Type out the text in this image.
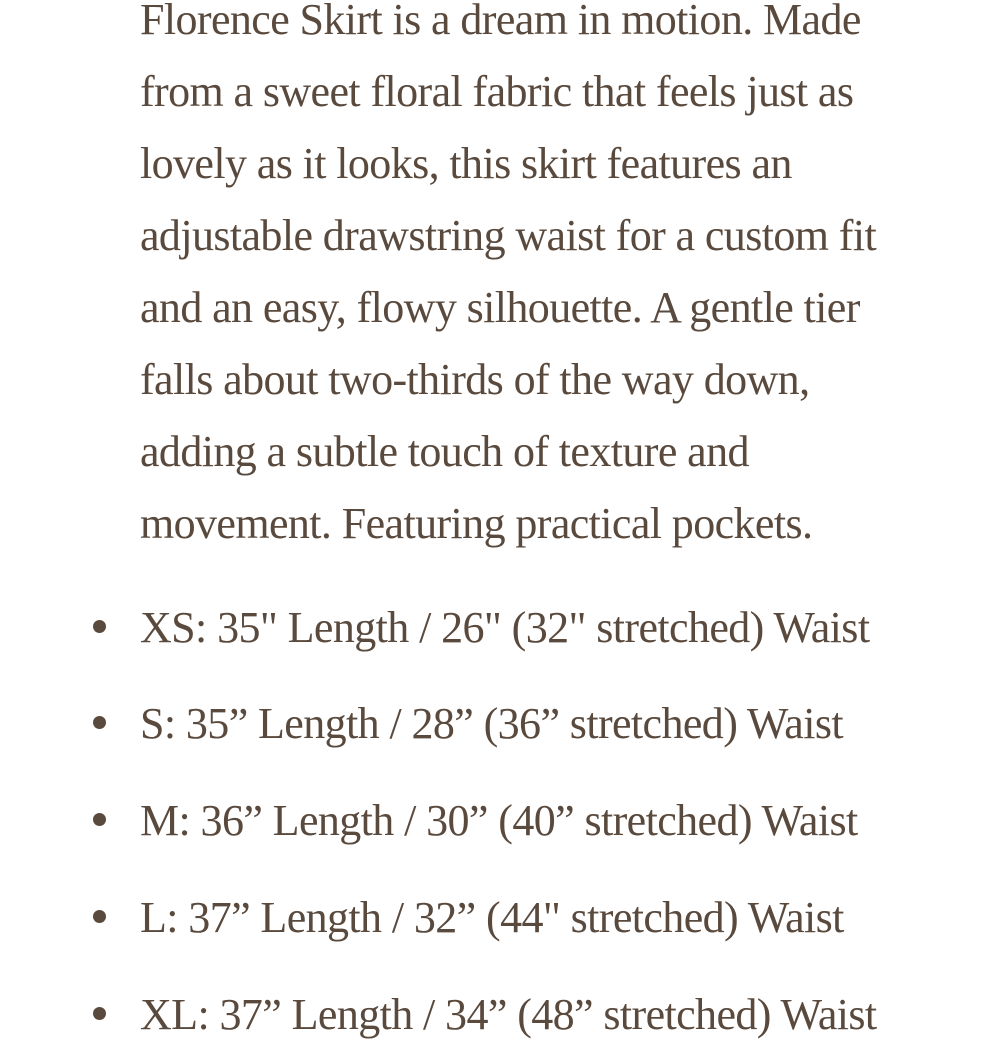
Florence Skirt is a dream in motion. Made
from a sweet floral fabric that feels just as
lovely as it looks, this skirt features an
adjustable drawstring waist for a custom fit
and an easy, flowy silhouette. A gentle tier
falls about two-thirds of the way down,
adding a subtle touch of texture and
movement. Featuring practical pockets.
XS: 35" Length / 26" (32" stretched) Waist
S: 35” Length / 28” (36” stretched) Waist
M: 36” Length / 30” (40” stretched) Waist
L: 37” Length / 32” (44" stretched) Waist
XL: 37” Length / 34” (48” stretched) Waist
